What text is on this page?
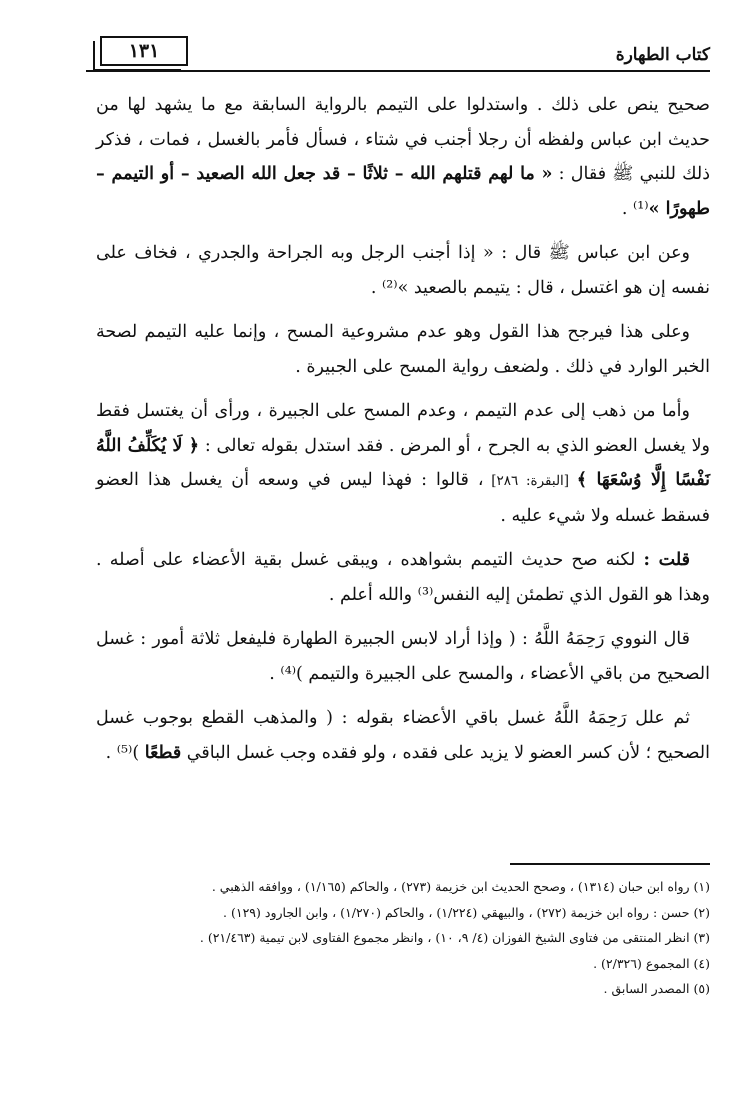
كتاب الطهارة
١٣١

صحيح ينص على ذلك . واستدلوا على التيمم بالرواية السابقة مع ما يشهد لها من حديث ابن عباس ولفظه أن رجلا أجنب في شتاء ، فسأل فأمر بالغسل ، فمات ، فذكر ذلك للنبي ﷺ فقال : « ما لهم قتلهم الله – ثلاثًا – قد جعل الله الصعيد – أو التيمم – طهورًا »⁽¹⁾ .

وعن ابن عباس ﷺ قال : « إذا أجنب الرجل وبه الجراحة والجدري ، فخاف على نفسه إن هو اغتسل ، قال : يتيمم بالصعيد »⁽²⁾ .

وعلى هذا فيرجح هذا القول وهو عدم مشروعية المسح ، وإنما عليه التيمم لصحة الخبر الوارد في ذلك . ولضعف رواية المسح على الجبيرة .

وأما من ذهب إلى عدم التيمم ، وعدم المسح على الجبيرة ، ورأى أن يغتسل فقط ولا يغسل العضو الذي به الجرح ، أو المرض . فقد استدل بقوله تعالى : ﴿ لَا يُكَلِّفُ اللَّهُ نَفْسًا إِلَّا وُسْعَهَا ﴾ [البقرة: ٢٨٦] ، قالوا : فهذا ليس في وسعه أن يغسل هذا العضو فسقط غسله ولا شيء عليه .

قلت : لكنه صح حديث التيمم بشواهده ، ويبقى غسل بقية الأعضاء على أصله . وهذا هو القول الذي تطمئن إليه النفس⁽³⁾ والله أعلم .

قال النووي رَحِمَهُ اللَّهُ : ( وإذا أراد لابس الجبيرة الطهارة فليفعل ثلاثة أمور : غسل الصحيح من باقي الأعضاء ، والمسح على الجبيرة والتيمم )⁽⁴⁾ .

ثم علل رَحِمَهُ اللَّهُ غسل باقي الأعضاء بقوله : ( والمذهب القطع بوجوب غسل الصحيح ؛ لأن كسر العضو لا يزيد على فقده ، ولو فقده وجب غسل الباقي قطعًا )⁽⁵⁾ .

(١) رواه ابن حبان (١٣١٤) ، وصحح الحديث ابن خزيمة (٢٧٣) ، والحاكم (١/١٦٥) ، ووافقه الذهبي .

(٢) حسن : رواه ابن خزيمة (٢٧٢) ، والبيهقي (١/٢٢٤) ، والحاكم (١/٢٧٠) ، وابن الجارود (١٢٩) .

(٣) انظر المنتقى من فتاوى الشيخ الفوزان (٤/ ٩، ١٠) ، وانظر مجموع الفتاوى لابن تيمية (٢١/٤٦٣) .

(٤) المجموع (٢/٣٢٦) .

(٥) المصدر السابق .
